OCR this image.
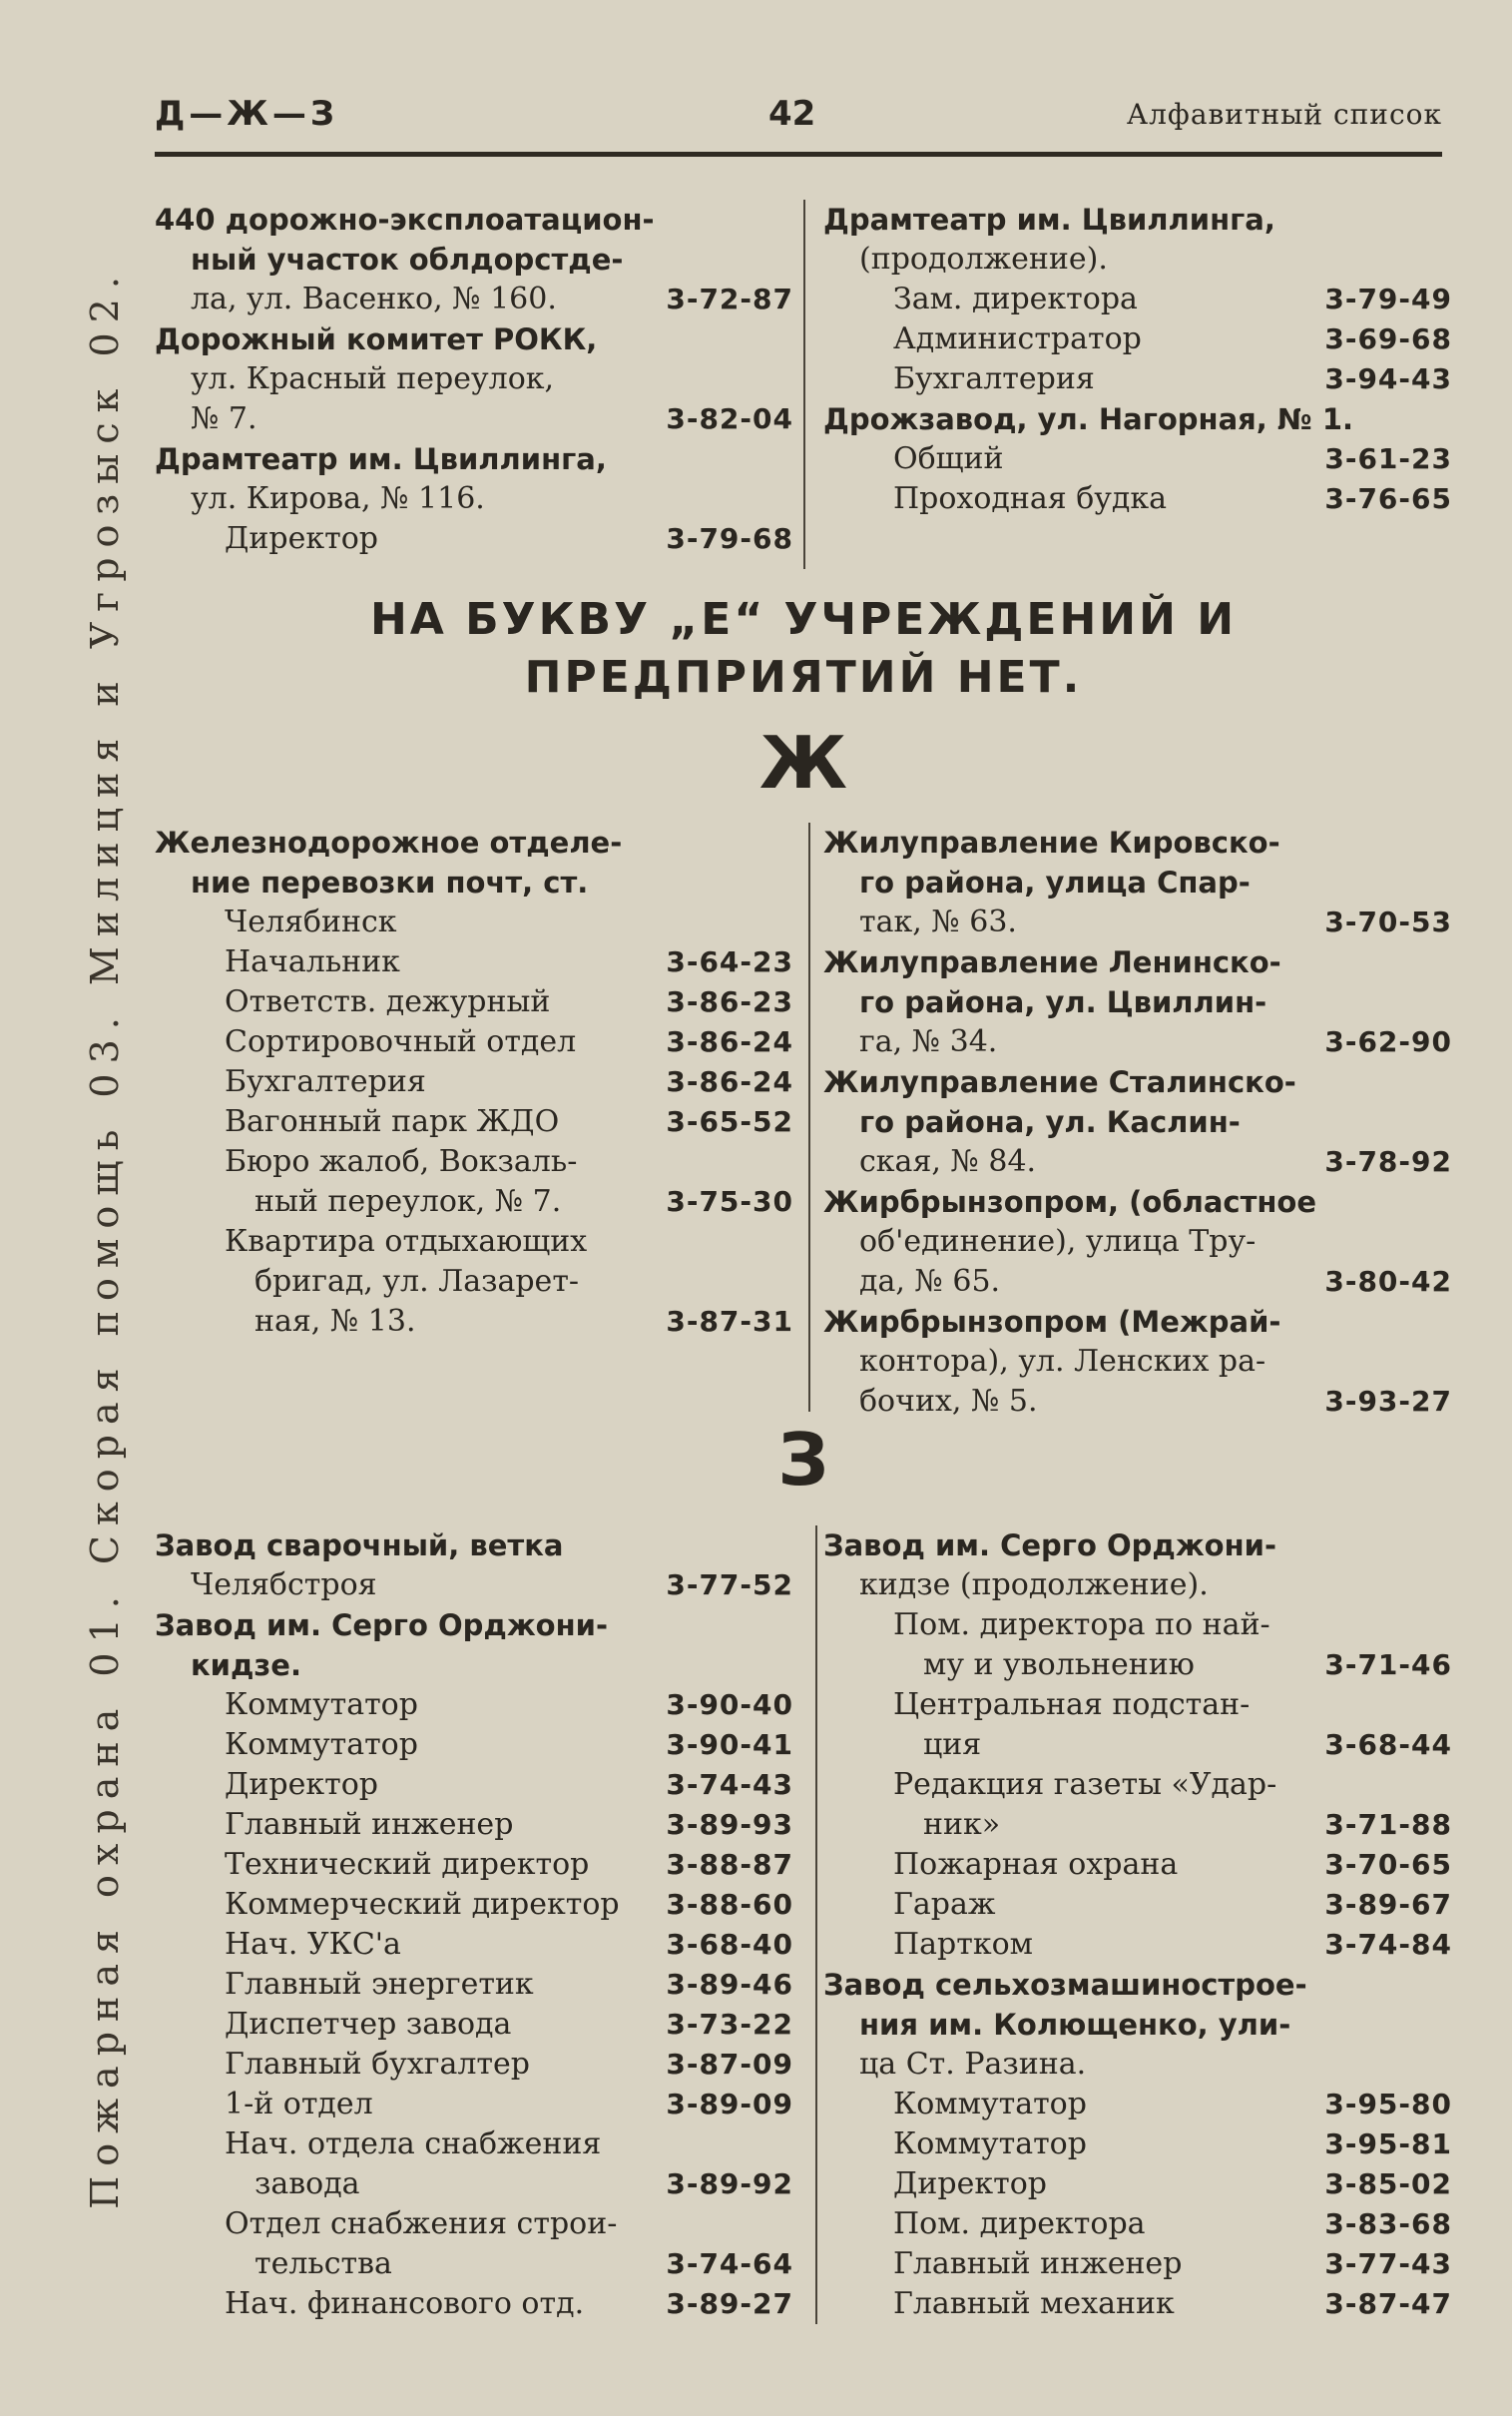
Пожарная охрана 01. Скорая помощь 03. Милиция и Угрозыск 02.
Д—Ж—З	42	Алфавитный список
440 дорожно-эксплоатацион-
ный участок облдорстде-
ла, ул. Васенко, № 160.	3-72-87
Дорожный комитет РОКК,
ул. Красный переулок,
№ 7.	3-82-04
Драмтеатр им. Цвиллинга,
ул. Кирова, № 116.
Директор	3-79-68
Драмтеатр им. Цвиллинга,
(продолжение).
Зам. директора	3-79-49
Администратор	3-69-68
Бухгалтерия	3-94-43
Дрожзавод, ул. Нагорная, № 1.
Общий	3-61-23
Проходная будка	3-76-65
НА БУКВУ „Е“ УЧРЕЖДЕНИЙ И
ПРЕДПРИЯТИЙ НЕТ.
Ж
Железнодорожное отделе-
ние перевозки почт, ст.
Челябинск
Начальник	3-64-23
Ответств. дежурный	3-86-23
Сортировочный отдел	3-86-24
Бухгалтерия	3-86-24
Вагонный парк ЖДО	3-65-52
Бюро жалоб, Вокзаль-
ный переулок, № 7.	3-75-30
Квартира отдыхающих
бригад, ул. Лазарет-
ная, № 13.	3-87-31
Жилуправление Кировско-
го района, улица Спар-
так, № 63.	3-70-53
Жилуправление Ленинско-
го района, ул. Цвиллин-
га, № 34.	3-62-90
Жилуправление Сталинско-
го района, ул. Каслин-
ская, № 84.	3-78-92
Жирбрынзопром, (областное
об'единение), улица Тру-
да, № 65.	3-80-42
Жирбрынзопром (Межрай-
конторa), ул. Ленских ра-
бочих, № 5.	3-93-27
З
Завод сварочный, ветка
Челябстроя	3-77-52
Завод им. Серго Орджони-
кидзе.
Коммутатор	3-90-40
Коммутатор	3-90-41
Директор	3-74-43
Главный инженер	3-89-93
Технический директор	3-88-87
Коммерческий директор 3-88-60
Нач. УКС'а	3-68-40
Главный энергетик	3-89-46
Диспетчер завода	3-73-22
Главный бухгалтер	3-87-09
1-й отдел	3-89-09
Нач. отдела снабжения
завода	3-89-92
Отдел снабжения строи-
тельства	3-74-64
Нач. финансового отд.	3-89-27
Завод им. Серго Орджони-
кидзе (продолжение).
Пом. директора по най-
му и увольнению	3-71-46
Центральная подстан-
ция	3-68-44
Редакция газеты «Удар-
ник»	3-71-88
Пожарная охрана	3-70-65
Гараж	3-89-67
Партком	3-74-84
Завод сельхозмашинострое-
ния им. Колющенко, ули-
ца Ст. Разина.
Коммутатор	3-95-80
Коммутатор	3-95-81
Директор	3-85-02
Пом. директора	3-83-68
Главный инженер	3-77-43
Главный механик	3-87-47
